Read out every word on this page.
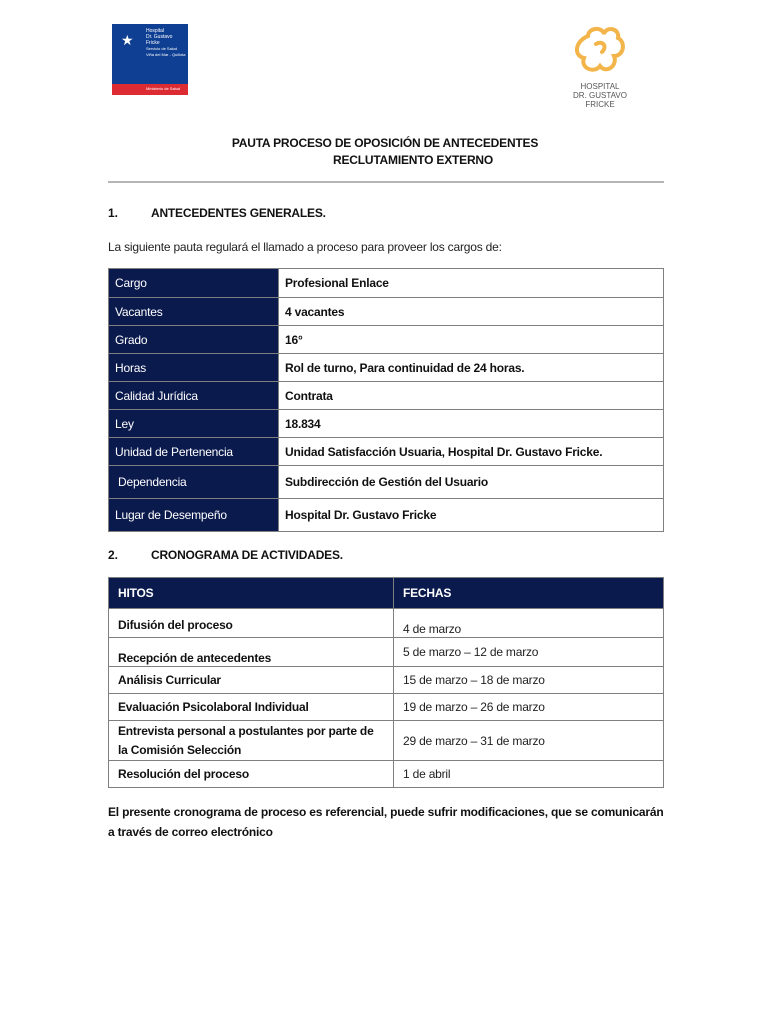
★
Hospital
Dr. Gustavo
Fricke
Servicio de Salud
Viña del Mar - Quillota
Ministerio de Salud	HOSPITAL
DR. GUSTAVO FRICKE
PAUTA PROCESO DE OPOSICIÓN DE ANTECEDENTES
RECLUTAMIENTO EXTERNO
1.	ANTECEDENTES GENERALES.
La siguiente pauta regulará el llamado a proceso para proveer los cargos de:
Cargo	Profesional Enlace
Vacantes	4 vacantes
Grado	16°
Horas	Rol de turno, Para continuidad de 24 horas.
Calidad Jurídica	Contrata
Ley	18.834
Unidad de Pertenencia	Unidad Satisfacción Usuaria, Hospital Dr. Gustavo Fricke.
Dependencia	Subdirección de Gestión del Usuario
Lugar de Desempeño	Hospital Dr. Gustavo Fricke
2.	CRONOGRAMA DE ACTIVIDADES.
HITOS	FECHAS
Difusión del proceso	4 de marzo
Recepción de antecedentes	5 de marzo – 12 de marzo
Análisis Curricular	15 de marzo – 18 de marzo
Evaluación Psicolaboral Individual	19 de marzo – 26 de marzo
Entrevista personal a postulantes por parte de la Comisión Selección	29 de marzo – 31 de marzo
Resolución del proceso	1 de abril
El presente cronograma de proceso es referencial, puede sufrir modificaciones, que se comunicarán a través de correo electrónico
